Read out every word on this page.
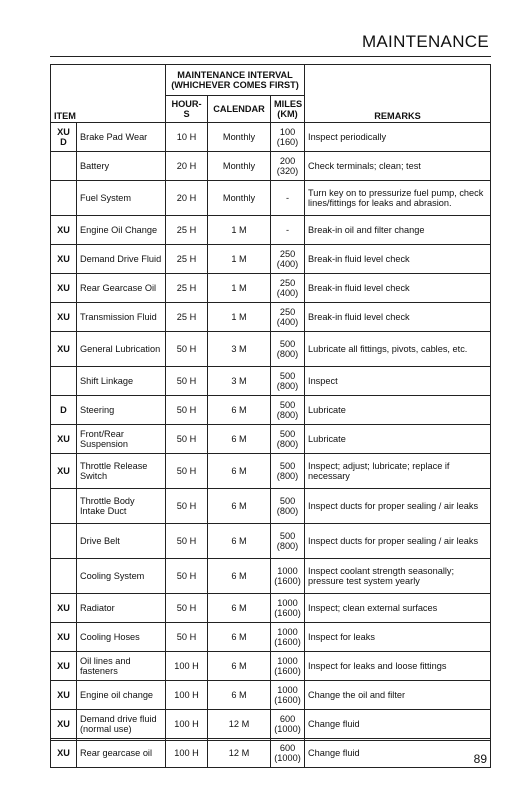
MAINTENANCE
ITEM		MAINTENANCE INTERVAL (WHICHEVER COMES FIRST)			REMARKS
		HOUR-S	CALENDAR	MILES (KM)	
XU D	Brake Pad Wear	10 H	Monthly	100 (160)	Inspect periodically
	Battery	20 H	Monthly	200 (320)	Check terminals; clean; test
	Fuel System	20 H	Monthly	-	Turn key on to pressurize fuel pump, check lines/fittings for leaks and abrasion.
XU	Engine Oil Change	25 H	1 M	-	Break-in oil and filter change
XU	Demand Drive Fluid	25 H	1 M	250 (400)	Break-in fluid level check
XU	Rear Gearcase Oil	25 H	1 M	250 (400)	Break-in fluid level check
XU	Transmission Fluid	25 H	1 M	250 (400)	Break-in fluid level check
XU	General Lubrication	50 H	3 M	500 (800)	Lubricate all fittings, pivots, cables, etc.
	Shift Linkage	50 H	3 M	500 (800)	Inspect
D	Steering	50 H	6 M	500 (800)	Lubricate
XU	Front/Rear Suspension	50 H	6 M	500 (800)	Lubricate
XU	Throttle Release Switch	50 H	6 M	500 (800)	Inspect; adjust; lubricate; replace if necessary
	Throttle Body Intake Duct	50 H	6 M	500 (800)	Inspect ducts for proper sealing / air leaks
	Drive Belt	50 H	6 M	500 (800)	Inspect ducts for proper sealing / air leaks
	Cooling System	50 H	6 M	1000 (1600)	Inspect coolant strength seasonally; pressure test system yearly
XU	Radiator	50 H	6 M	1000 (1600)	Inspect; clean external surfaces
XU	Cooling Hoses	50 H	6 M	1000 (1600)	Inspect for leaks
XU	Oil lines and fasteners	100 H	6 M	1000 (1600)	Inspect for leaks and loose fittings
XU	Engine oil change	100 H	6 M	1000 (1600)	Change the oil and filter
XU	Demand drive fluid (normal use)	100 H	12 M	600 (1000)	Change fluid
XU	Rear gearcase oil	100 H	12 M	600 (1000)	Change fluid	89
